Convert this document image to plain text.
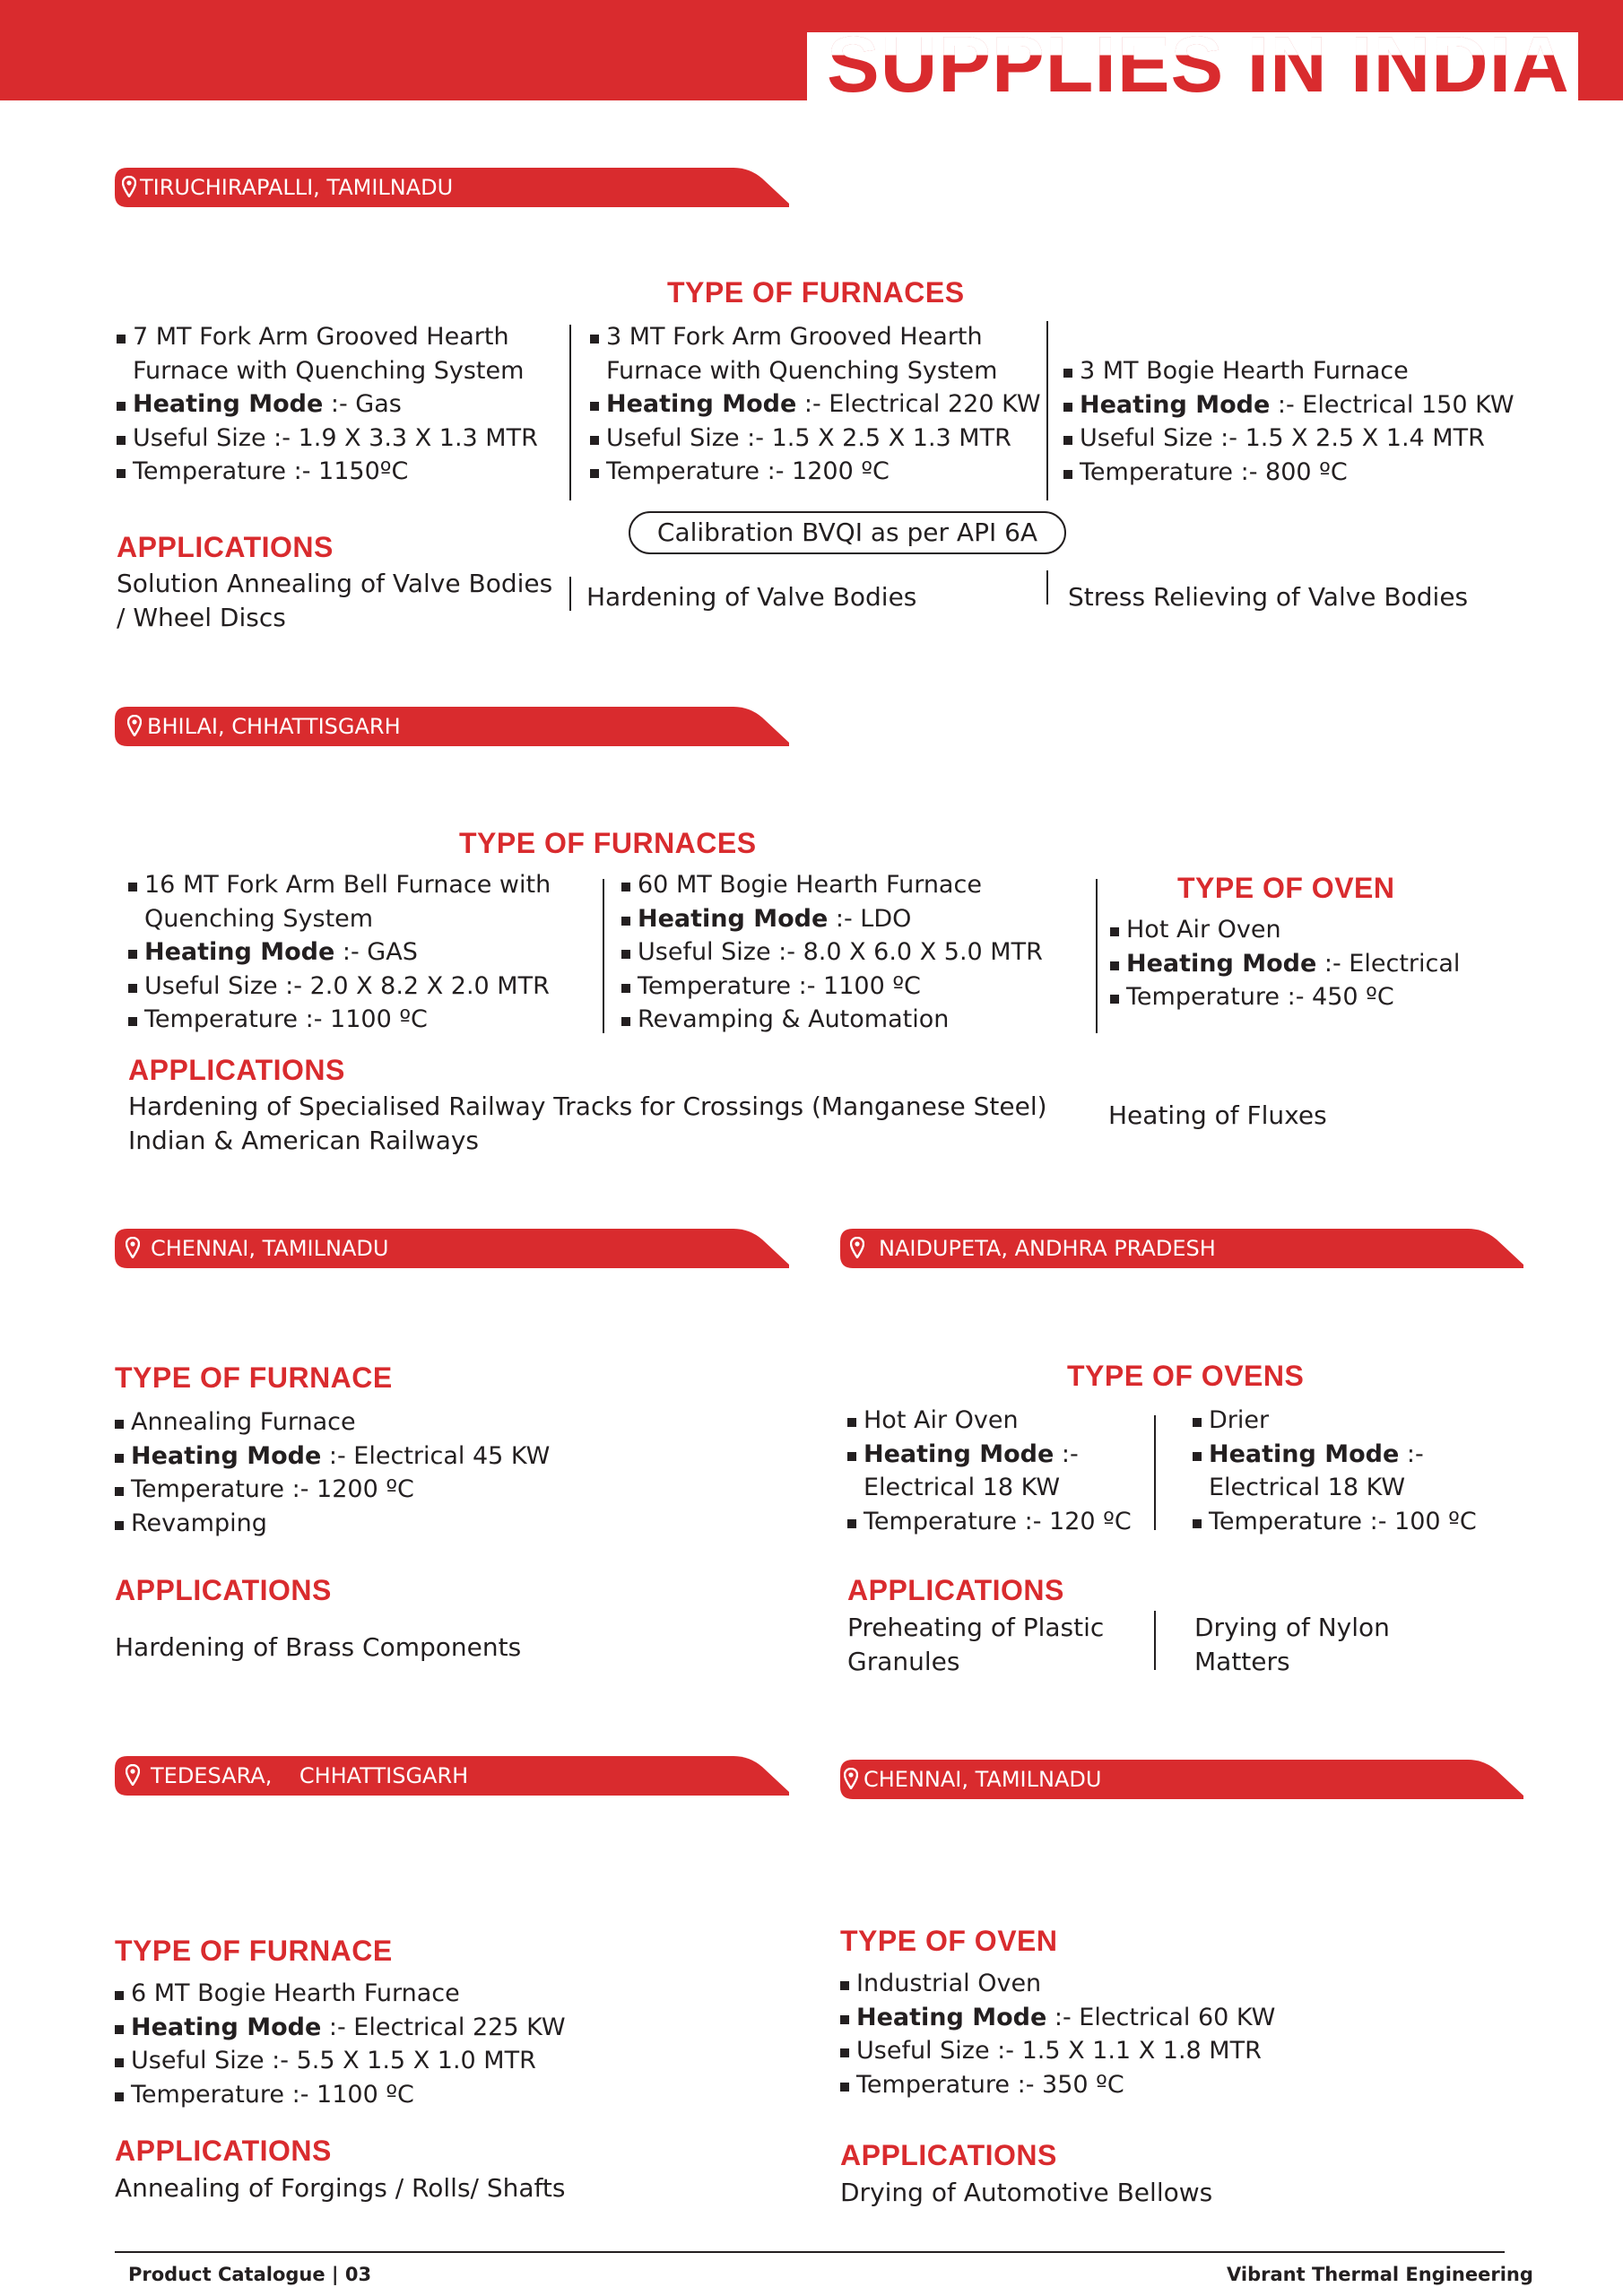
SUPPLIES IN INDIA
TIRUCHIRAPALLI, TAMILNADU
TYPE OF FURNACES
7 MT Fork Arm Grooved Hearth
Furnace with Quenching System
Heating Mode :- Gas
Useful Size :- 1.9 X 3.3 X 1.3 MTR
Temperature :- 1150ºC
3 MT Fork Arm Grooved Hearth
Furnace with Quenching System
Heating Mode :- Electrical 220 KW
Useful Size :- 1.5 X 2.5 X 1.3 MTR
Temperature :- 1200 ºC
3 MT Bogie Hearth Furnace
Heating Mode :- Electrical 150 KW
Useful Size :- 1.5 X 2.5 X 1.4 MTR
Temperature :- 800 ºC
Calibration BVQI as per API 6A
APPLICATIONS
Solution Annealing of Valve Bodies
/ Wheel Discs
Hardening of Valve Bodies	Stress Relieving of Valve Bodies
BHILAI, CHHATTISGARH
TYPE OF FURNACES
16 MT Fork Arm Bell Furnace with
Quenching System
Heating Mode :- GAS
Useful Size :- 2.0 X 8.2 X 2.0 MTR
Temperature :- 1100 ºC
60 MT Bogie Hearth Furnace
Heating Mode :- LDO
Useful Size :- 8.0 X 6.0 X 5.0 MTR
Temperature :- 1100 ºC
Revamping & Automation
TYPE OF OVEN
Hot Air Oven
Heating Mode :- Electrical
Temperature :- 450 ºC
APPLICATIONS
Hardening of Specialised Railway Tracks for Crossings (Manganese Steel)
Indian & American Railways
Heating of Fluxes
CHENNAI, TAMILNADU
TYPE OF FURNACE
Annealing Furnace
Heating Mode :- Electrical 45 KW
Temperature :- 1200 ºC
Revamping
APPLICATIONS
Hardening of Brass Components
NAIDUPETA, ANDHRA PRADESH
TYPE OF OVENS
Hot Air Oven
Heating Mode :-
Electrical 18 KW
Temperature :- 120 ºC
Drier
Heating Mode :-
Electrical 18 KW
Temperature :- 100 ºC
APPLICATIONS
Preheating of Plastic
Granules
Drying of Nylon
Matters
TEDESARA,    CHHATTISGARH
TYPE OF FURNACE
6 MT Bogie Hearth Furnace
Heating Mode :- Electrical 225 KW
Useful Size :- 5.5 X 1.5 X 1.0 MTR
Temperature :- 1100 ºC
APPLICATIONS
Annealing of Forgings / Rolls/ Shafts
CHENNAI, TAMILNADU
TYPE OF OVEN
Industrial Oven
Heating Mode :- Electrical 60 KW
Useful Size :- 1.5 X 1.1 X 1.8 MTR
Temperature :- 350 ºC
APPLICATIONS
Drying of Automotive Bellows
Product Catalogue | 03	Vibrant Thermal Engineering
